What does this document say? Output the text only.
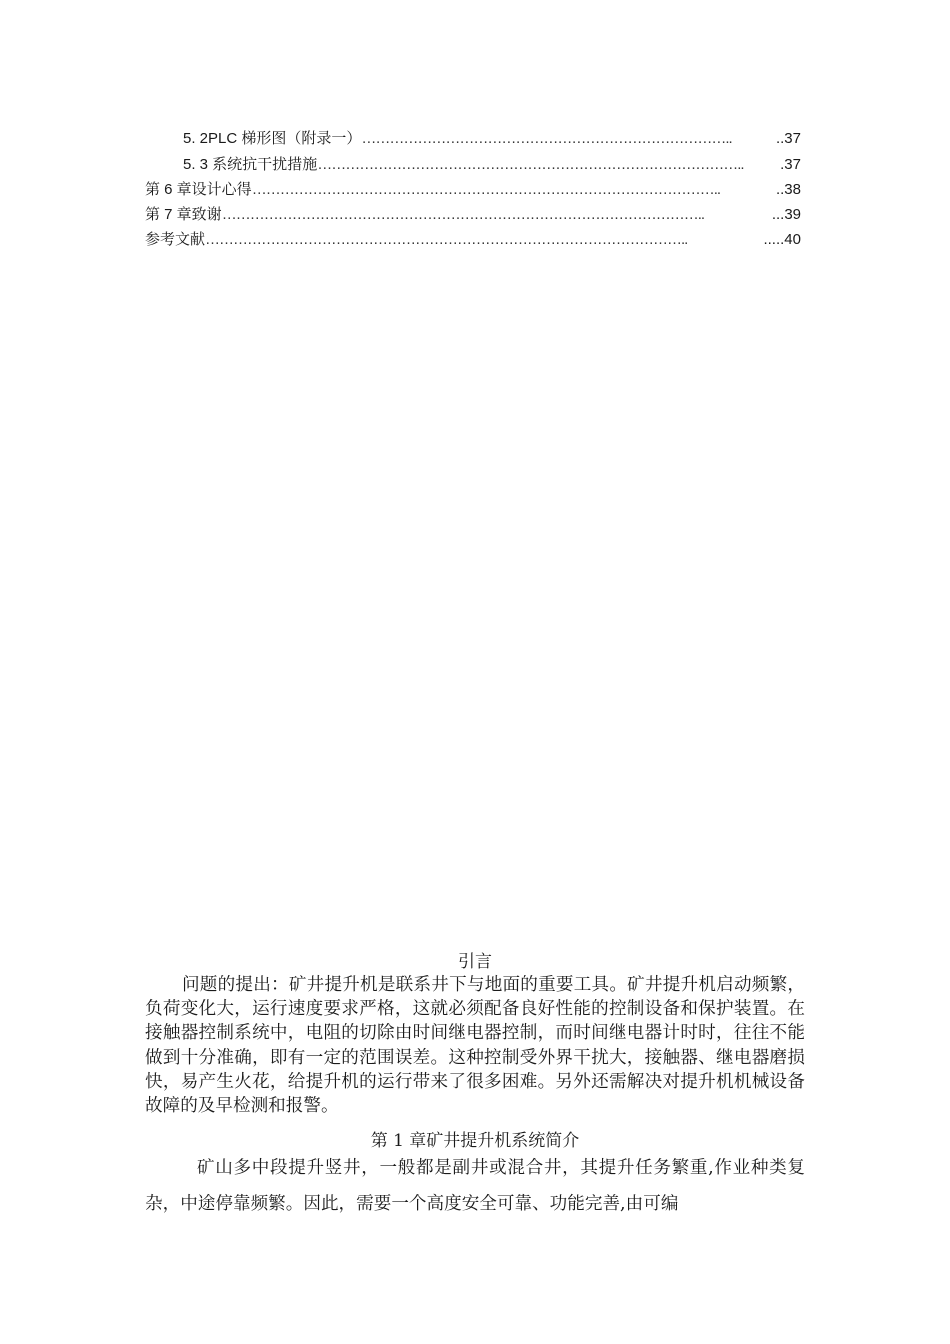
5. 2PLC 梯形图（附录一） ……………………………………………………………………..	..37
5. 3 系统抗干扰措施 ………………………………………………………………………………..	.37
第 6 章设计心得 ………………………………………………………………………………………..	..38
第 7 章致谢 …………………………………………………………………………………………..	...39
参考文献 …………………………………………………………………………………………..	.....40
引言

问题的提出：矿井提升机是联系井下与地面的重要工具。矿井提升机启动频繁，负荷变化大，运行速度要求严格，这就必须配备良好性能的控制设备和保护装置。在接触器控制系统中，电阻的切除由时间继电器控制，而时间继电器计时时，往往不能做到十分准确，即有一定的范围误差。这种控制受外界干扰大，接触器、继电器磨损快，易产生火花，给提升机的运行带来了很多困难。另外还需解决对提升机机械设备故障的及早检测和报警。

第 1 章矿井提升机系统简介

矿山多中段提升竖井，一般都是副井或混合井，其提升任务繁重,作业种类复杂，中途停靠频繁。因此，需要一个高度安全可靠、功能完善,由可编
